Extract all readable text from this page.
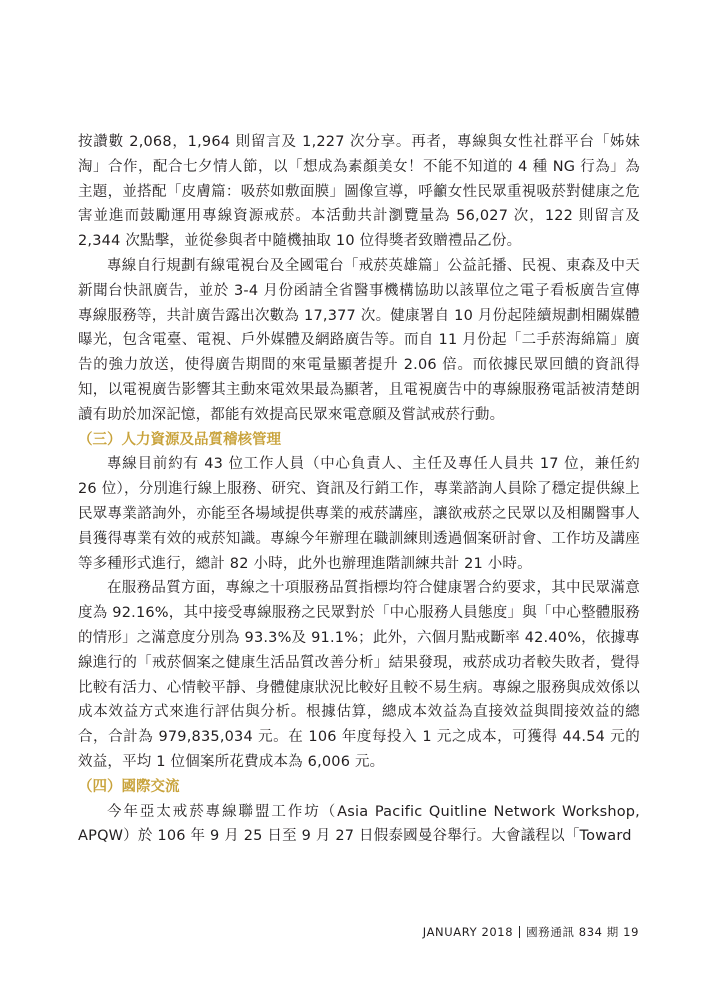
按讚數 2,068，1,964 則留言及 1,227 次分享。再者，專線與女性社群平台「姊妹淘」合作，配合七夕情人節，以「想成為素顏美女！不能不知道的 4 種 NG 行為」為主題，並搭配「皮膚篇：吸菸如敷面膜」圖像宣導，呼籲女性民眾重視吸菸對健康之危害並進而鼓勵運用專線資源戒菸。本活動共計瀏覽量為 56,027 次，122 則留言及 2,344 次點擊，並從參與者中隨機抽取 10 位得獎者致贈禮品乙份。

專線自行規劃有線電視台及全國電台「戒菸英雄篇」公益託播、民視、東森及中天新聞台快訊廣告，並於 3-4 月份函請全省醫事機構協助以該單位之電子看板廣告宣傳專線服務等，共計廣告露出次數為 17,377 次。健康署自 10 月份起陸續規劃相關媒體曝光，包含電臺、電視、戶外媒體及網路廣告等。而自 11 月份起「二手菸海綿篇」廣告的強力放送，使得廣告期間的來電量顯著提升 2.06 倍。而依據民眾回饋的資訊得知，以電視廣告影響其主動來電效果最為顯著，且電視廣告中的專線服務電話被清楚朗讀有助於加深記憶，都能有效提高民眾來電意願及嘗試戒菸行動。

（三）人力資源及品質稽核管理

專線目前約有 43 位工作人員（中心負責人、主任及專任人員共 17 位，兼任約 26 位），分別進行線上服務、研究、資訊及行銷工作，專業諮詢人員除了穩定提供線上民眾專業諮詢外，亦能至各場域提供專業的戒菸講座，讓欲戒菸之民眾以及相關醫事人員獲得專業有效的戒菸知識。專線今年辦理在職訓練則透過個案研討會、工作坊及講座等多種形式進行，總計 82 小時，此外也辦理進階訓練共計 21 小時。

在服務品質方面，專線之十項服務品質指標均符合健康署合約要求，其中民眾滿意度為 92.16%，其中接受專線服務之民眾對於「中心服務人員態度」與「中心整體服務的情形」之滿意度分別為 93.3%及 91.1%；此外，六個月點戒斷率 42.40%，依據專線進行的「戒菸個案之健康生活品質改善分析」結果發現，戒菸成功者較失敗者，覺得比較有活力、心情較平靜、身體健康狀況比較好且較不易生病。專線之服務與成效係以成本效益方式來進行評估與分析。根據估算，總成本效益為直接效益與間接效益的總合，合計為 979,835,034 元。在 106 年度每投入 1 元之成本，可獲得 44.54 元的效益，平均 1 位個案所花費成本為 6,006 元。

（四）國際交流

今年亞太戒菸專線聯盟工作坊（Asia Pacific Quitline Network Workshop, APQW）於 106 年 9 月 25 日至 9 月 27 日假泰國曼谷舉行。大會議程以「Toward

JANUARY 2018 國務通訊 834 期 19
